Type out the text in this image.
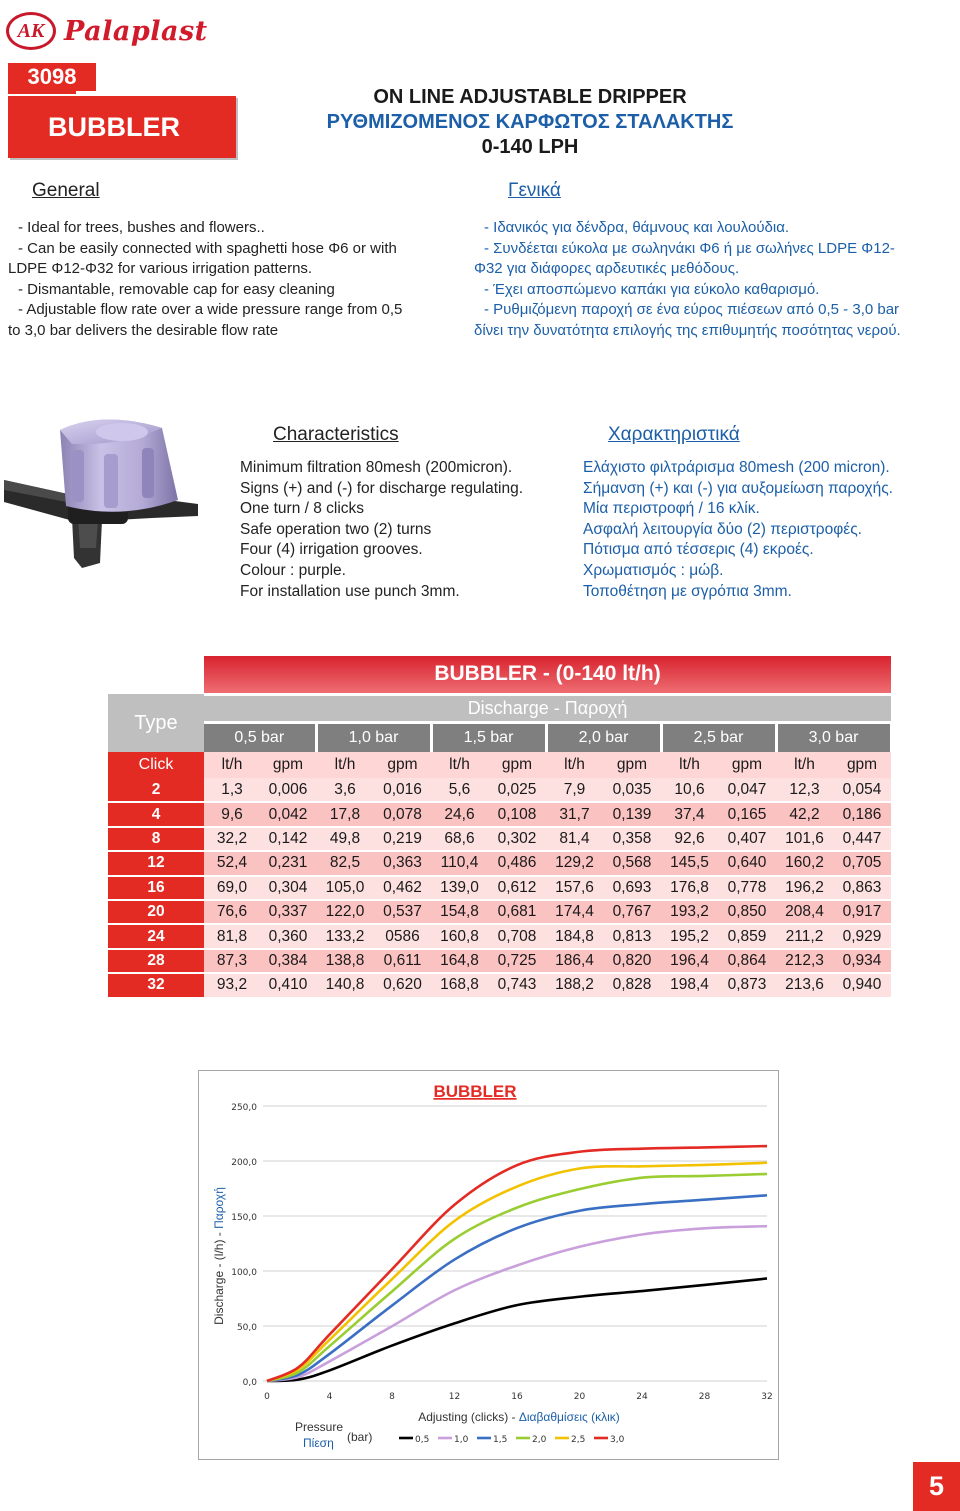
AK Palaplast
3098
BUBBLER
ON LINE ADJUSTABLE DRIPPER
ΡΥΘΜΙΖΟΜΕΝΟΣ ΚΑΡΦΩΤΟΣ ΣΤΑΛΑΚΤΗΣ
0-140 LPH
General	Γενικά
- Ideal for trees, bushes and flowers..
- Can be easily connected with spaghetti hose Φ6 or with
LDPE Φ12-Φ32 for various irrigation patterns.
- Dismantable, removable cap for easy cleaning
- Adjustable flow rate over a wide pressure range from 0,5
to 3,0 bar delivers the desirable flow rate
- Ιδανικός για δένδρα, θάμνους και λουλούδια.
- Συνδέεται εύκολα με σωληνάκι Φ6 ή με σωλήνες LDPE Φ12-
Φ32 για διάφορες αρδευτικές μεθόδους.
- Έχει αποσπώμενο καπάκι για εύκολο καθαρισμό.
- Ρυθμιζόμενη παροχή σε ένα εύρος πιέσεων από 0,5 - 3,0 bar
δίνει την δυνατότητα επιλογής της επιθυμητής ποσότητας νερού.
Characteristics	Χαρακτηριστικά
Minimum filtration 80mesh (200micron).
Signs (+) and (-) for discharge regulating.
One turn / 8 clicks
Safe operation two (2) turns
Four (4) irrigation grooves.
Colour : purple.
For installation use punch 3mm.
Ελάχιστο φιλτράρισμα 80mesh (200 micron).
Σήμανση (+) και (-) για αυξομείωση παροχής.
Μία περιστροφή / 16 κλίκ.
Ασφαλή λειτουργία δύο (2) περιστροφές.
Πότισμα από τέσσερις (4) εκροές.
Χρωματισμός : μώβ.
Τοποθέτηση με σγρόπια 3mm.
	BUBBLER - (0-140 lt/h)											
Type	Discharge - Παροχή											
	0,5 bar		1,0 bar		1,5 bar		2,0 bar		2,5 bar		3,0 bar	
Click	lt/h	gpm	lt/h	gpm	lt/h	gpm	lt/h	gpm	lt/h	gpm	lt/h	gpm
2	1,3	0,006	3,6	0,016	5,6	0,025	7,9	0,035	10,6	0,047	12,3	0,054
4	9,6	0,042	17,8	0,078	24,6	0,108	31,7	0,139	37,4	0,165	42,2	0,186
8	32,2	0,142	49,8	0,219	68,6	0,302	81,4	0,358	92,6	0,407	101,6	0,447
12	52,4	0,231	82,5	0,363	110,4	0,486	129,2	0,568	145,5	0,640	160,2	0,705
16	69,0	0,304	105,0	0,462	139,0	0,612	157,6	0,693	176,8	0,778	196,2	0,863
20	76,6	0,337	122,0	0,537	154,8	0,681	174,4	0,767	193,2	0,850	208,4	0,917
24	81,8	0,360	133,2	0586	160,8	0,708	184,8	0,813	195,2	0,859	211,2	0,929
28	87,3	0,384	138,8	0,611	164,8	0,725	186,4	0,820	196,4	0,864	212,3	0,934
32	93,2	0,410	140,8	0,620	168,8	0,743	188,2	0,828	198,4	0,873	213,6	0,940
0,0
50,0
100,0
150,0
200,0
250,0
0	4	8	12	16	20	24	28	32
BUBBLER
Discharge - (l/h) - Παροχή
Adjusting (clicks) - Διαβαθμίσεις (κλικ)
Pressure
Πίεση (bar)	0,5	1,0	1,5	2,0	2,5	3,0
5
